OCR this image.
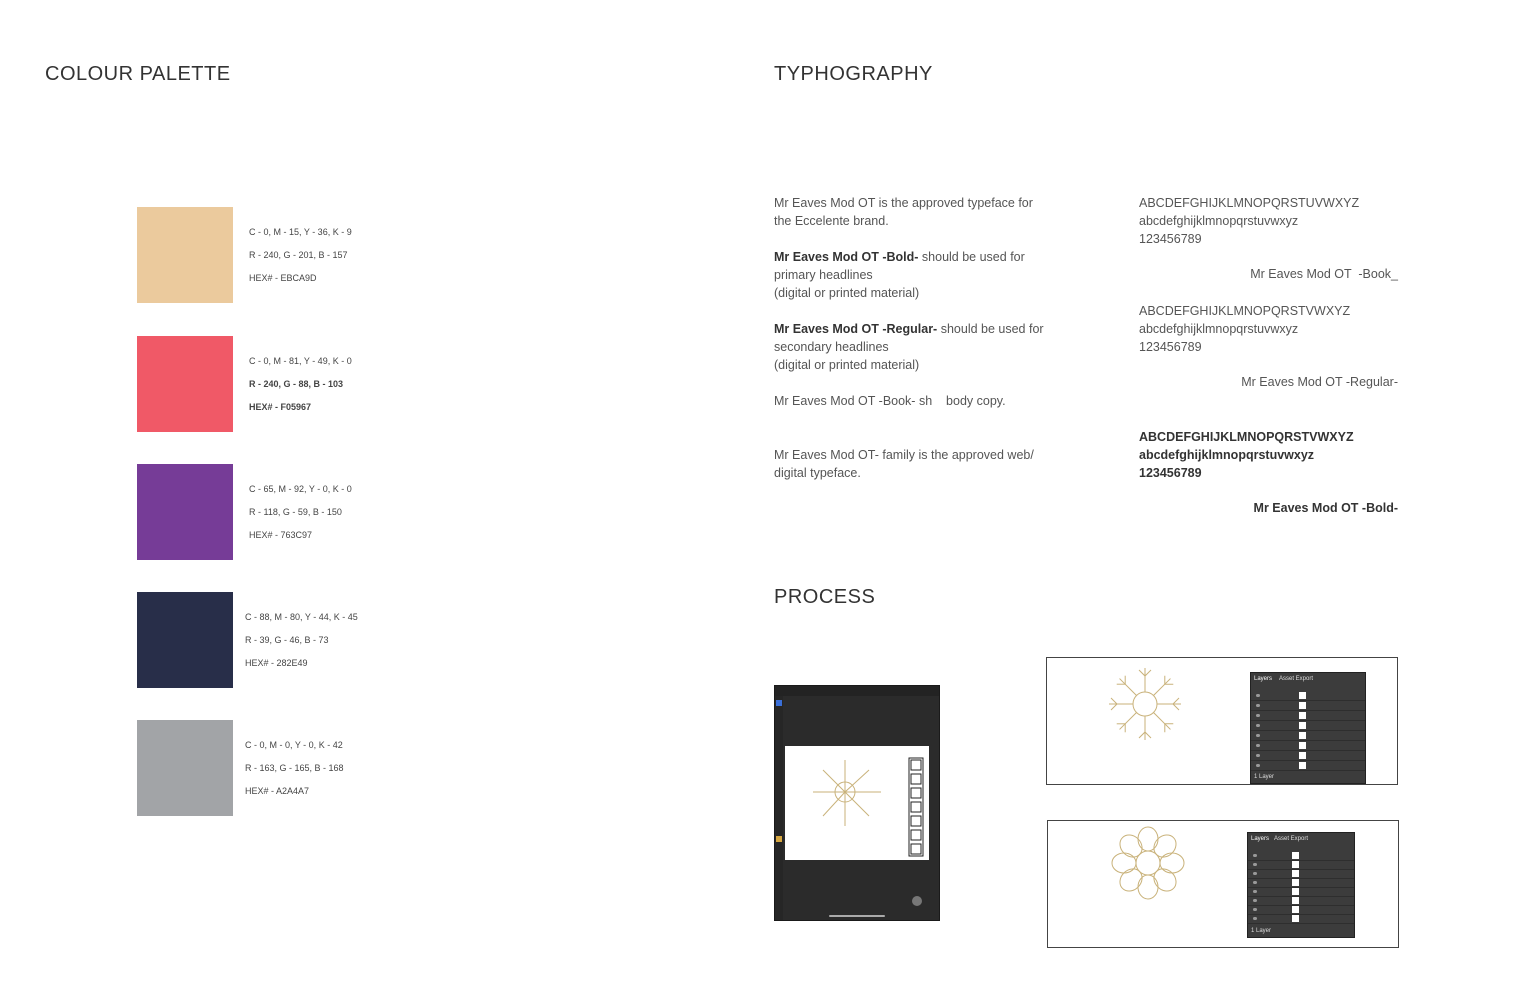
COLOUR PALETTE
C - 0, M - 15, Y - 36, K - 9
R - 240, G - 201, B - 157
HEX# - EBCA9D
C - 0, M - 81, Y - 49, K - 0
R - 240, G - 88, B - 103
HEX# - F05967
C - 65, M - 92, Y - 0, K - 0
R - 118, G - 59, B - 150
HEX# - 763C97
C - 88, M - 80, Y - 44, K - 45
R - 39, G - 46, B - 73
HEX# - 282E49
C - 0, M - 0, Y - 0, K - 42
R - 163, G - 165, B - 168
HEX# - A2A4A7
TYPHOGRAPHY

Mr Eaves Mod OT is the approved typeface for

the Eccelente brand.

Mr Eaves Mod OT -Bold- should be used for

primary headlines

(digital or printed material)

Mr Eaves Mod OT -Regular- should be used for

secondary headlines

(digital or printed material)

Mr Eaves Mod OT -Book- sh    body copy.

Mr Eaves Mod OT- family is the approved web/

digital typeface.

ABCDEFGHIJKLMNOPQRSTUVWXYZ
abcdefghijklmnopqrstuvwxyz
123456789
Mr Eaves Mod OT  -Book_
ABCDEFGHIJKLMNOPQRSTVWXYZ
abcdefghijklmnopqrstuvwxyz
123456789
Mr Eaves Mod OT -Regular-
ABCDEFGHIJKLMNOPQRSTVWXYZ
abcdefghijklmnopqrstuvwxyz
123456789
Mr Eaves Mod OT -Bold-
PROCESS
Layers Asset Export
1 Layer
Layers Asset Export
1 Layer
